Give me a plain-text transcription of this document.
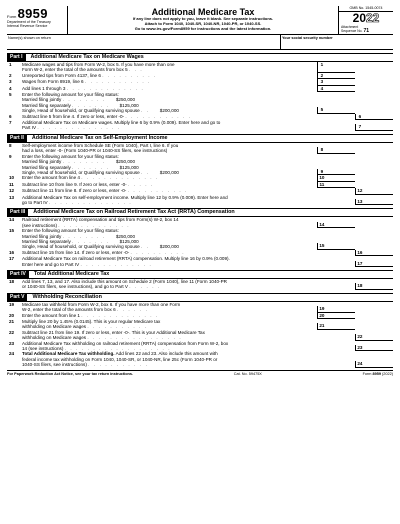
Form 8959
Department of the Treasury
Internal Revenue Service
Additional Medicare Tax
If any line does not apply to you, leave it blank. See separate instructions.
Attach to Form 1040, 1040-SR, 1040-NR, 1040-PR, or 1040-SS.
Go to www.irs.gov/Form8959 for instructions and the latest information.
OMB No. 1545-0074
2022
Attachment
Sequence No. 71
Name(s) shown on return	Your social security number
Part I	Additional Medicare Tax on Medicare Wages
1	Medicare wages and tips from Form W-2, box 5. If you have more than one
Form W-2, enter the total of the amounts from box 5 . . .
1
2	Unreported tips from Form 4137, line 6 . . . . . . . . . .	2
3	Wages from Form 8919, line 6 . . . . . . . . . . . .	3
4	Add lines 1 through 3 . . . . . . . . . . . . . .	4
5	Enter the following amount for your filing status:
Married filing jointly . . . . . . . . $250,000
Married filing separately . . . . . . . $125,000
Single, Head of household, or Qualifying surviving spouse . . $200,000	5
6	Subtract line 5 from line 4. If zero or less, enter -0- . . . . . . . . . . . .	6
7	Additional Medicare Tax on Medicare wages. Multiply line 6 by 0.9% (0.009). Enter here and go to
Part IV . . . . . . . . . . . . . . .	7
Part II	Additional Medicare Tax on Self-Employment Income
8	Self-employment income from Schedule SE (Form 1040), Part I, line 6. If you
had a loss, enter -0- (Form 1040-PR or 1040-SS filers, see instructions)	8
9	Enter the following amount for your filing status:
Married filing jointly . . . . . . . . $250,000
Married filing separately . . . . . . . $125,000
Single, Head of household, or Qualifying surviving spouse . . $200,000	9
10	Enter the amount from line 4 . . . . . . . . . . . . . .	10
11	Subtract line 10 from line 9. If zero or less, enter -0- . . . . .	11
12	Subtract line 11 from line 8. If zero or less, enter -0- . . . . . . . . . . .	12
13	Additional Medicare Tax on self-employment income. Multiply line 12 by 0.9% (0.009). Enter here and
go to Part IV . . . . . . . . . . . . . . .	13
Part III	Additional Medicare Tax on Railroad Retirement Tax Act (RRTA) Compensation
14	Railroad retirement (RRTA) compensation and tips from Form(s) W-2, box 14
(see instructions) . . . . . . . . . . . . .	14
15	Enter the following amount for your filing status:
Married filing jointly . . . . . . . . $250,000
Married filing separately . . . . . . . $125,000
Single, Head of household, or Qualifying surviving spouse . . $200,000	15
16	Subtract line 15 from line 14. If zero or less, enter -0- . . . . . . . . . .	16
17	Additional Medicare Tax on railroad retirement (RRTA) compensation. Multiply line 16 by 0.9% (0.009).
Enter here and go to Part IV . . . . . . . . . . . . .	17
Part IV	Total Additional Medicare Tax
18	Add lines 7, 13, and 17. Also include this amount on Schedule 2 (Form 1040), line 11 (Form 1040-PR
or 1040-SS filers, see instructions), and go to Part V . . . . . .	18
Part V	Withholding Reconciliation
19	Medicare tax withheld from Form W-2, box 6. If you have more than one Form
W-2, enter the total of the amounts from box 6 . . . . . .	19
20	Enter the amount from line 1 . . . . . . . . . . . . . .	20
21	Multiply line 20 by 1.45% (0.0145). This is your regular Medicare tax
withholding on Medicare wages . . . . . . . . . . .	21
22	Subtract line 21 from line 19. If zero or less, enter -0-. This is your Additional Medicare Tax
withholding on Medicare wages . . . . . . . . . . . . . . . . .	22
23	Additional Medicare Tax withholding on railroad retirement (RRTA) compensation from Form W-2, box
14 (see instructions) . . . . . . . . . . . . . . . . . . .	23
24	Total Additional Medicare Tax withholding. Add lines 22 and 23. Also include this amount with
federal income tax withholding on Form 1040, 1040-SR, or 1040-NR, line 25c (Form 1040-PR or
1040-SS filers, see instructions) . . . . . . . . . . .	24
For Paperwork Reduction Act Notice, see your tax return instructions.	Cat. No. 59475X	Form 8959 (2022)
